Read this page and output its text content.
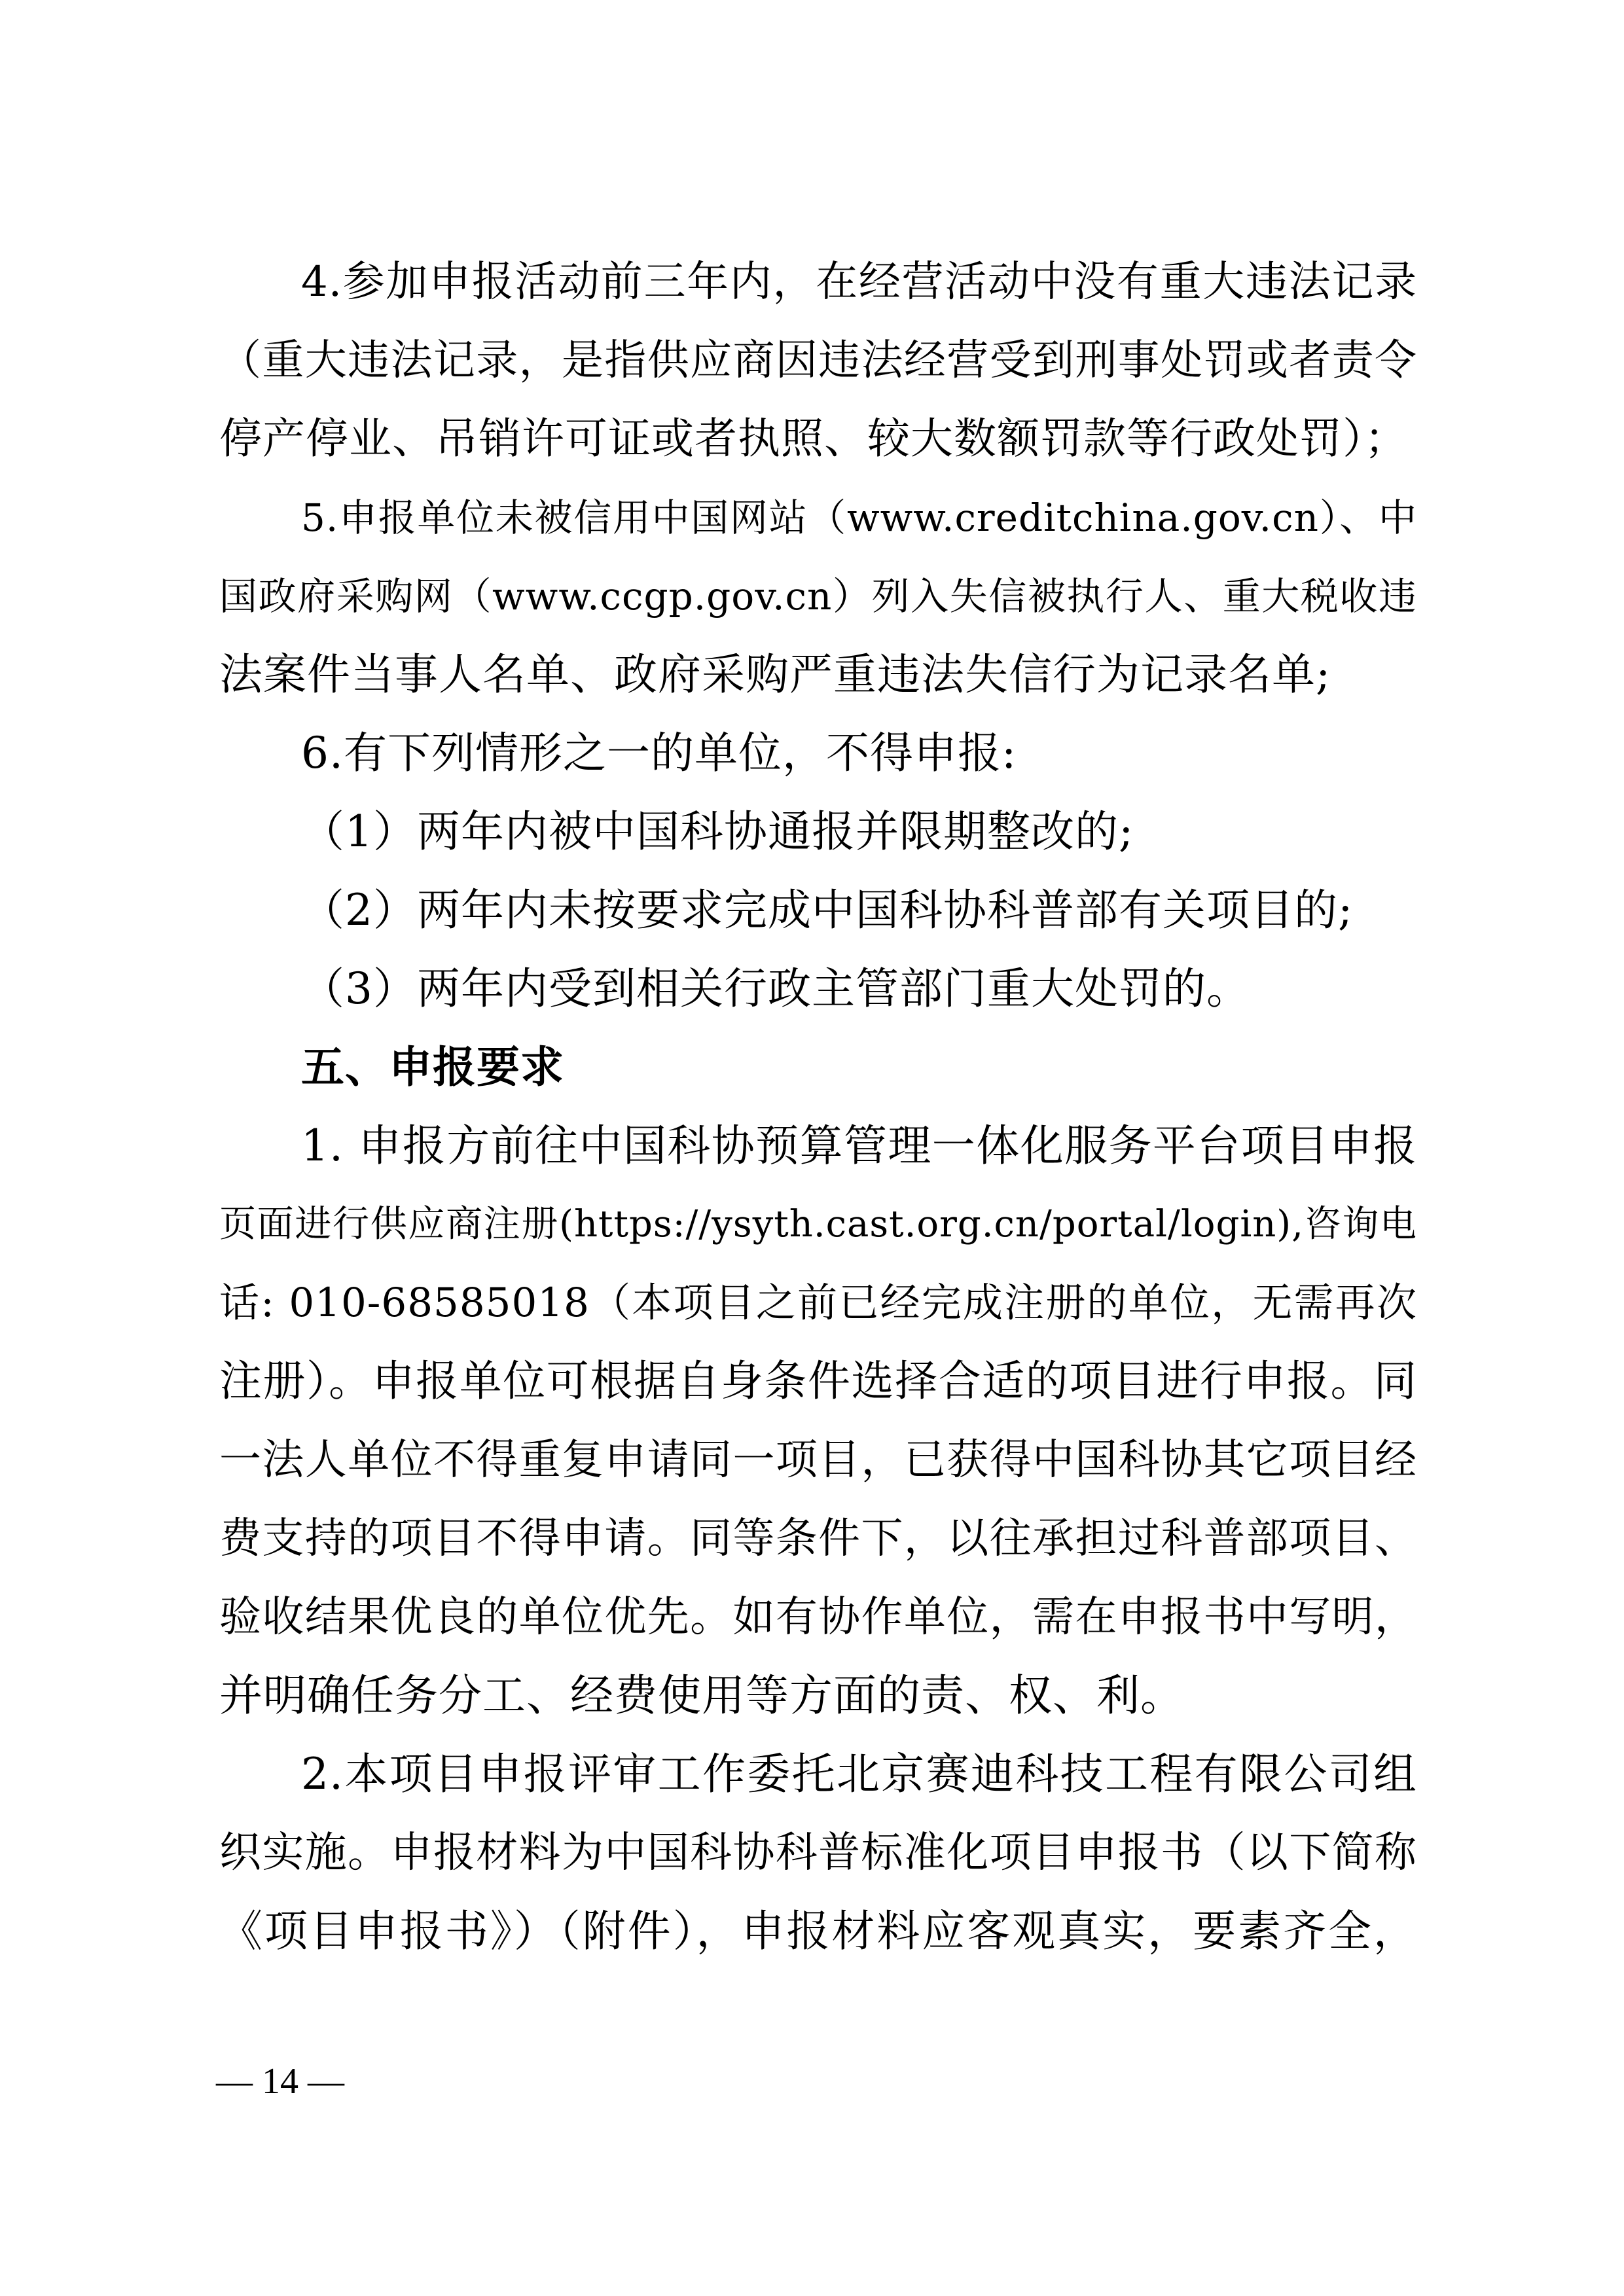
4.参加申报活动前三年内，在经营活动中没有重大违法记录
（重大违法记录，是指供应商因违法经营受到刑事处罚或者责令
停产停业、吊销许可证或者执照、较大数额罚款等行政处罚）；
5.申报单位未被信用中国网站（www.creditchina.gov.cn）、中
国政府采购网（www.ccgp.gov.cn）列入失信被执行人、重大税收违
法案件当事人名单、政府采购严重违法失信行为记录名单;
6.有下列情形之一的单位，不得申报:
（1）两年内被中国科协通报并限期整改的;
（2）两年内未按要求完成中国科协科普部有关项目的;
（3）两年内受到相关行政主管部门重大处罚的。
五、申报要求
1. 申报方前往中国科协预算管理一体化服务平台项目申报
页面进行供应商注册(https://ysyth.cast.org.cn/portal/login),咨询电
话: 010-68585018（本项目之前已经完成注册的单位，无需再次
注册）。申报单位可根据自身条件选择合适的项目进行申报。同
一法人单位不得重复申请同一项目，已获得中国科协其它项目经
费支持的项目不得申请。同等条件下，以往承担过科普部项目、
验收结果优良的单位优先。如有协作单位，需在申报书中写明，
并明确任务分工、经费使用等方面的责、权、利。
2.本项目申报评审工作委托北京赛迪科技工程有限公司组
织实施。申报材料为中国科协科普标准化项目申报书（以下简称
《项目申报书》）（附件），申报材料应客观真实，要素齐全，
— 14 —
